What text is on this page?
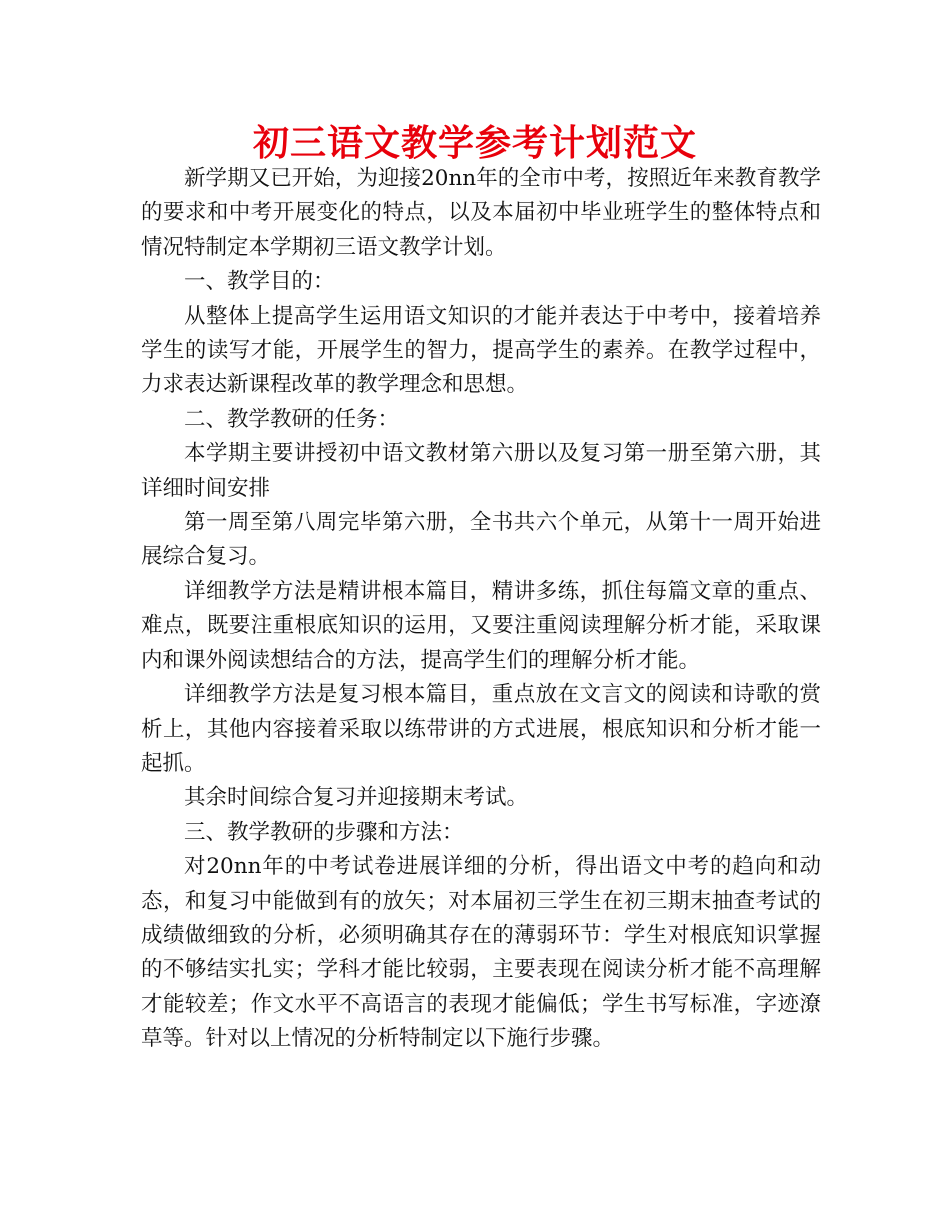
初三语文教学参考计划范文

新学期又已开始，为迎接20nn年的全市中考，按照近年来教育教学的要求和中考开展变化的特点，以及本届初中毕业班学生的整体特点和情况特制定本学期初三语文教学计划。

一、教学目的：

从整体上提高学生运用语文知识的才能并表达于中考中，接着培养学生的读写才能，开展学生的智力，提高学生的素养。在教学过程中，力求表达新课程改革的教学理念和思想。

二、教学教研的任务：

本学期主要讲授初中语文教材第六册以及复习第一册至第六册，其详细时间安排

第一周至第八周完毕第六册，全书共六个单元，从第十一周开始进展综合复习。

详细教学方法是精讲根本篇目，精讲多练，抓住每篇文章的重点、难点，既要注重根底知识的运用，又要注重阅读理解分析才能，采取课内和课外阅读想结合的方法，提高学生们的理解分析才能。

详细教学方法是复习根本篇目，重点放在文言文的阅读和诗歌的赏析上，其他内容接着采取以练带讲的方式进展，根底知识和分析才能一起抓。

其余时间综合复习并迎接期末考试。

三、教学教研的步骤和方法：

对20nn年的中考试卷进展详细的分析，得出语文中考的趋向和动态，和复习中能做到有的放矢；对本届初三学生在初三期末抽查考试的成绩做细致的分析，必须明确其存在的薄弱环节：学生对根底知识掌握的不够结实扎实；学科才能比较弱，主要表现在阅读分析才能不高理解才能较差；作文水平不高语言的表现才能偏低；学生书写标准，字迹潦草等。针对以上情况的分析特制定以下施行步骤。
